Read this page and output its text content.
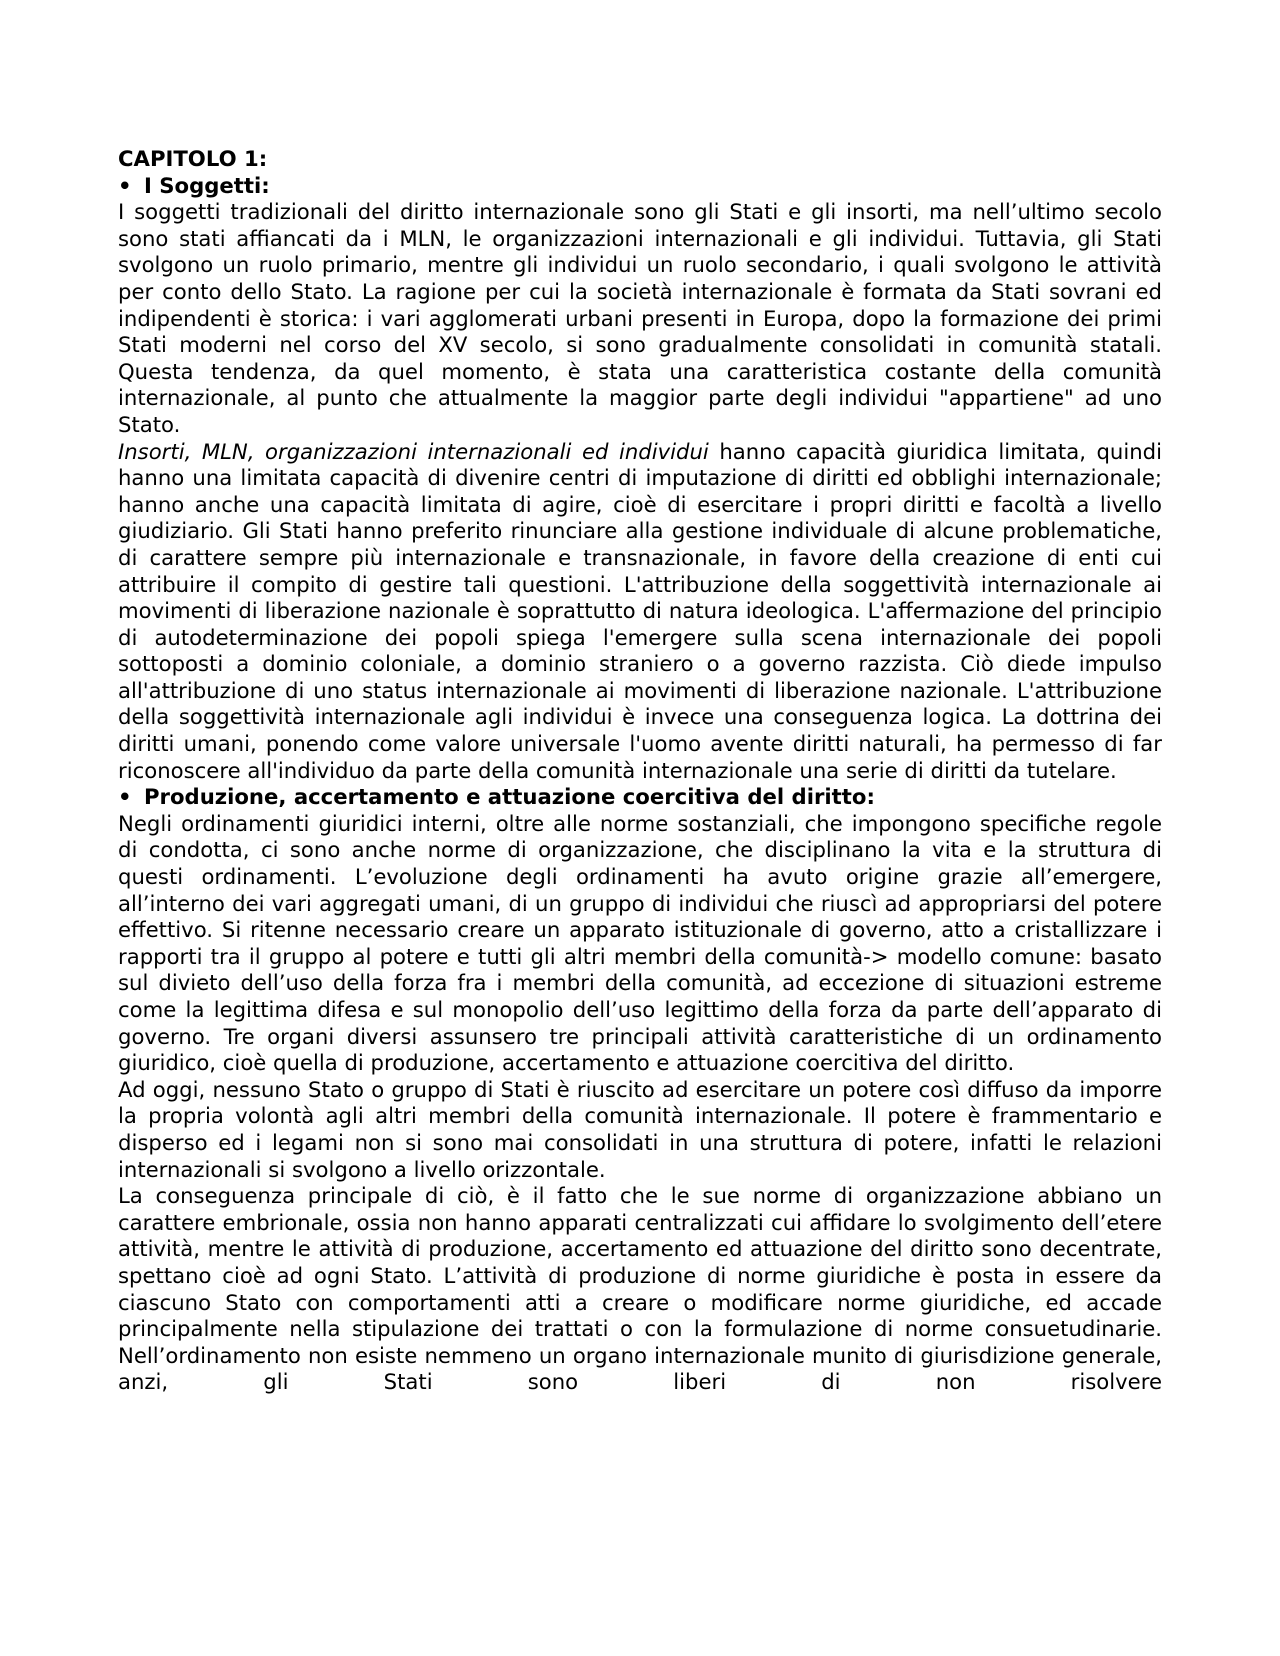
CAPITOLO 1:
• I Soggetti:

I soggetti tradizionali del diritto internazionale sono gli Stati e gli insorti, ma nell’ultimo secolo sono stati affiancati da i MLN, le organizzazioni internazionali e gli individui. Tuttavia, gli Stati svolgono un ruolo primario, mentre gli individui un ruolo secondario, i quali svolgono le attività per conto dello Stato. La ragione per cui la società internazionale è formata da Stati sovrani ed indipendenti è storica: i vari agglomerati urbani presenti in Europa, dopo la formazione dei primi Stati moderni nel corso del XV secolo, si sono gradualmente consolidati in comunità statali. Questa tendenza, da quel momento, è stata una caratteristica costante della comunità internazionale, al punto che attualmente la maggior parte degli individui "appartiene" ad uno Stato.

Insorti, MLN, organizzazioni internazionali ed individui hanno capacità giuridica limitata, quindi hanno una limitata capacità di divenire centri di imputazione di diritti ed obblighi internazionale; hanno anche una capacità limitata di agire, cioè di esercitare i propri diritti e facoltà a livello giudiziario. Gli Stati hanno preferito rinunciare alla gestione individuale di alcune problematiche, di carattere sempre più internazionale e transnazionale, in favore della creazione di enti cui attribuire il compito di gestire tali questioni. L'attribuzione della soggettività internazionale ai movimenti di liberazione nazionale è soprattutto di natura ideologica. L'affermazione del principio di autodeterminazione dei popoli spiega l'emergere sulla scena internazionale dei popoli sottoposti a dominio coloniale, a dominio straniero o a governo razzista. Ciò diede impulso all'attribuzione di uno status internazionale ai movimenti di liberazione nazionale. L'attribuzione della soggettività internazionale agli individui è invece una conseguenza logica. La dottrina dei diritti umani, ponendo come valore universale l'uomo avente diritti naturali, ha permesso di far riconoscere all'individuo da parte della comunità internazionale una serie di diritti da tutelare.

• Produzione, accertamento e attuazione coercitiva del diritto:

Negli ordinamenti giuridici interni, oltre alle norme sostanziali, che impongono specifiche regole di condotta, ci sono anche norme di organizzazione, che disciplinano la vita e la struttura di questi ordinamenti. L’evoluzione degli ordinamenti ha avuto origine grazie all’emergere, all’interno dei vari aggregati umani, di un gruppo di individui che riuscì ad appropriarsi del potere effettivo. Si ritenne necessario creare un apparato istituzionale di governo, atto a cristallizzare i rapporti tra il gruppo al potere e tutti gli altri membri della comunità-> modello comune: basato sul divieto dell’uso della forza fra i membri della comunità, ad eccezione di situazioni estreme come la legittima difesa e sul monopolio dell’uso legittimo della forza da parte dell’apparato di governo. Tre organi diversi assunsero tre principali attività caratteristiche di un ordinamento giuridico, cioè quella di produzione, accertamento e attuazione coercitiva del diritto.

Ad oggi, nessuno Stato o gruppo di Stati è riuscito ad esercitare un potere così diffuso da imporre la propria volontà agli altri membri della comunità internazionale. Il potere è frammentario e disperso ed i legami non si sono mai consolidati in una struttura di potere, infatti le relazioni internazionali si svolgono a livello orizzontale.

La conseguenza principale di ciò, è il fatto che le sue norme di organizzazione abbiano un carattere embrionale, ossia non hanno apparati centralizzati cui affidare lo svolgimento dell’etere attività, mentre le attività di produzione, accertamento ed attuazione del diritto sono decentrate, spettano cioè ad ogni Stato. L’attività di produzione di norme giuridiche è posta in essere da ciascuno Stato con comportamenti atti a creare o modificare norme giuridiche, ed accade principalmente nella stipulazione dei trattati o con la formulazione di norme consuetudinarie. Nell’ordinamento non esiste nemmeno un organo internazionale munito di giurisdizione generale, anzi, gli Stati sono liberi di non risolvere
